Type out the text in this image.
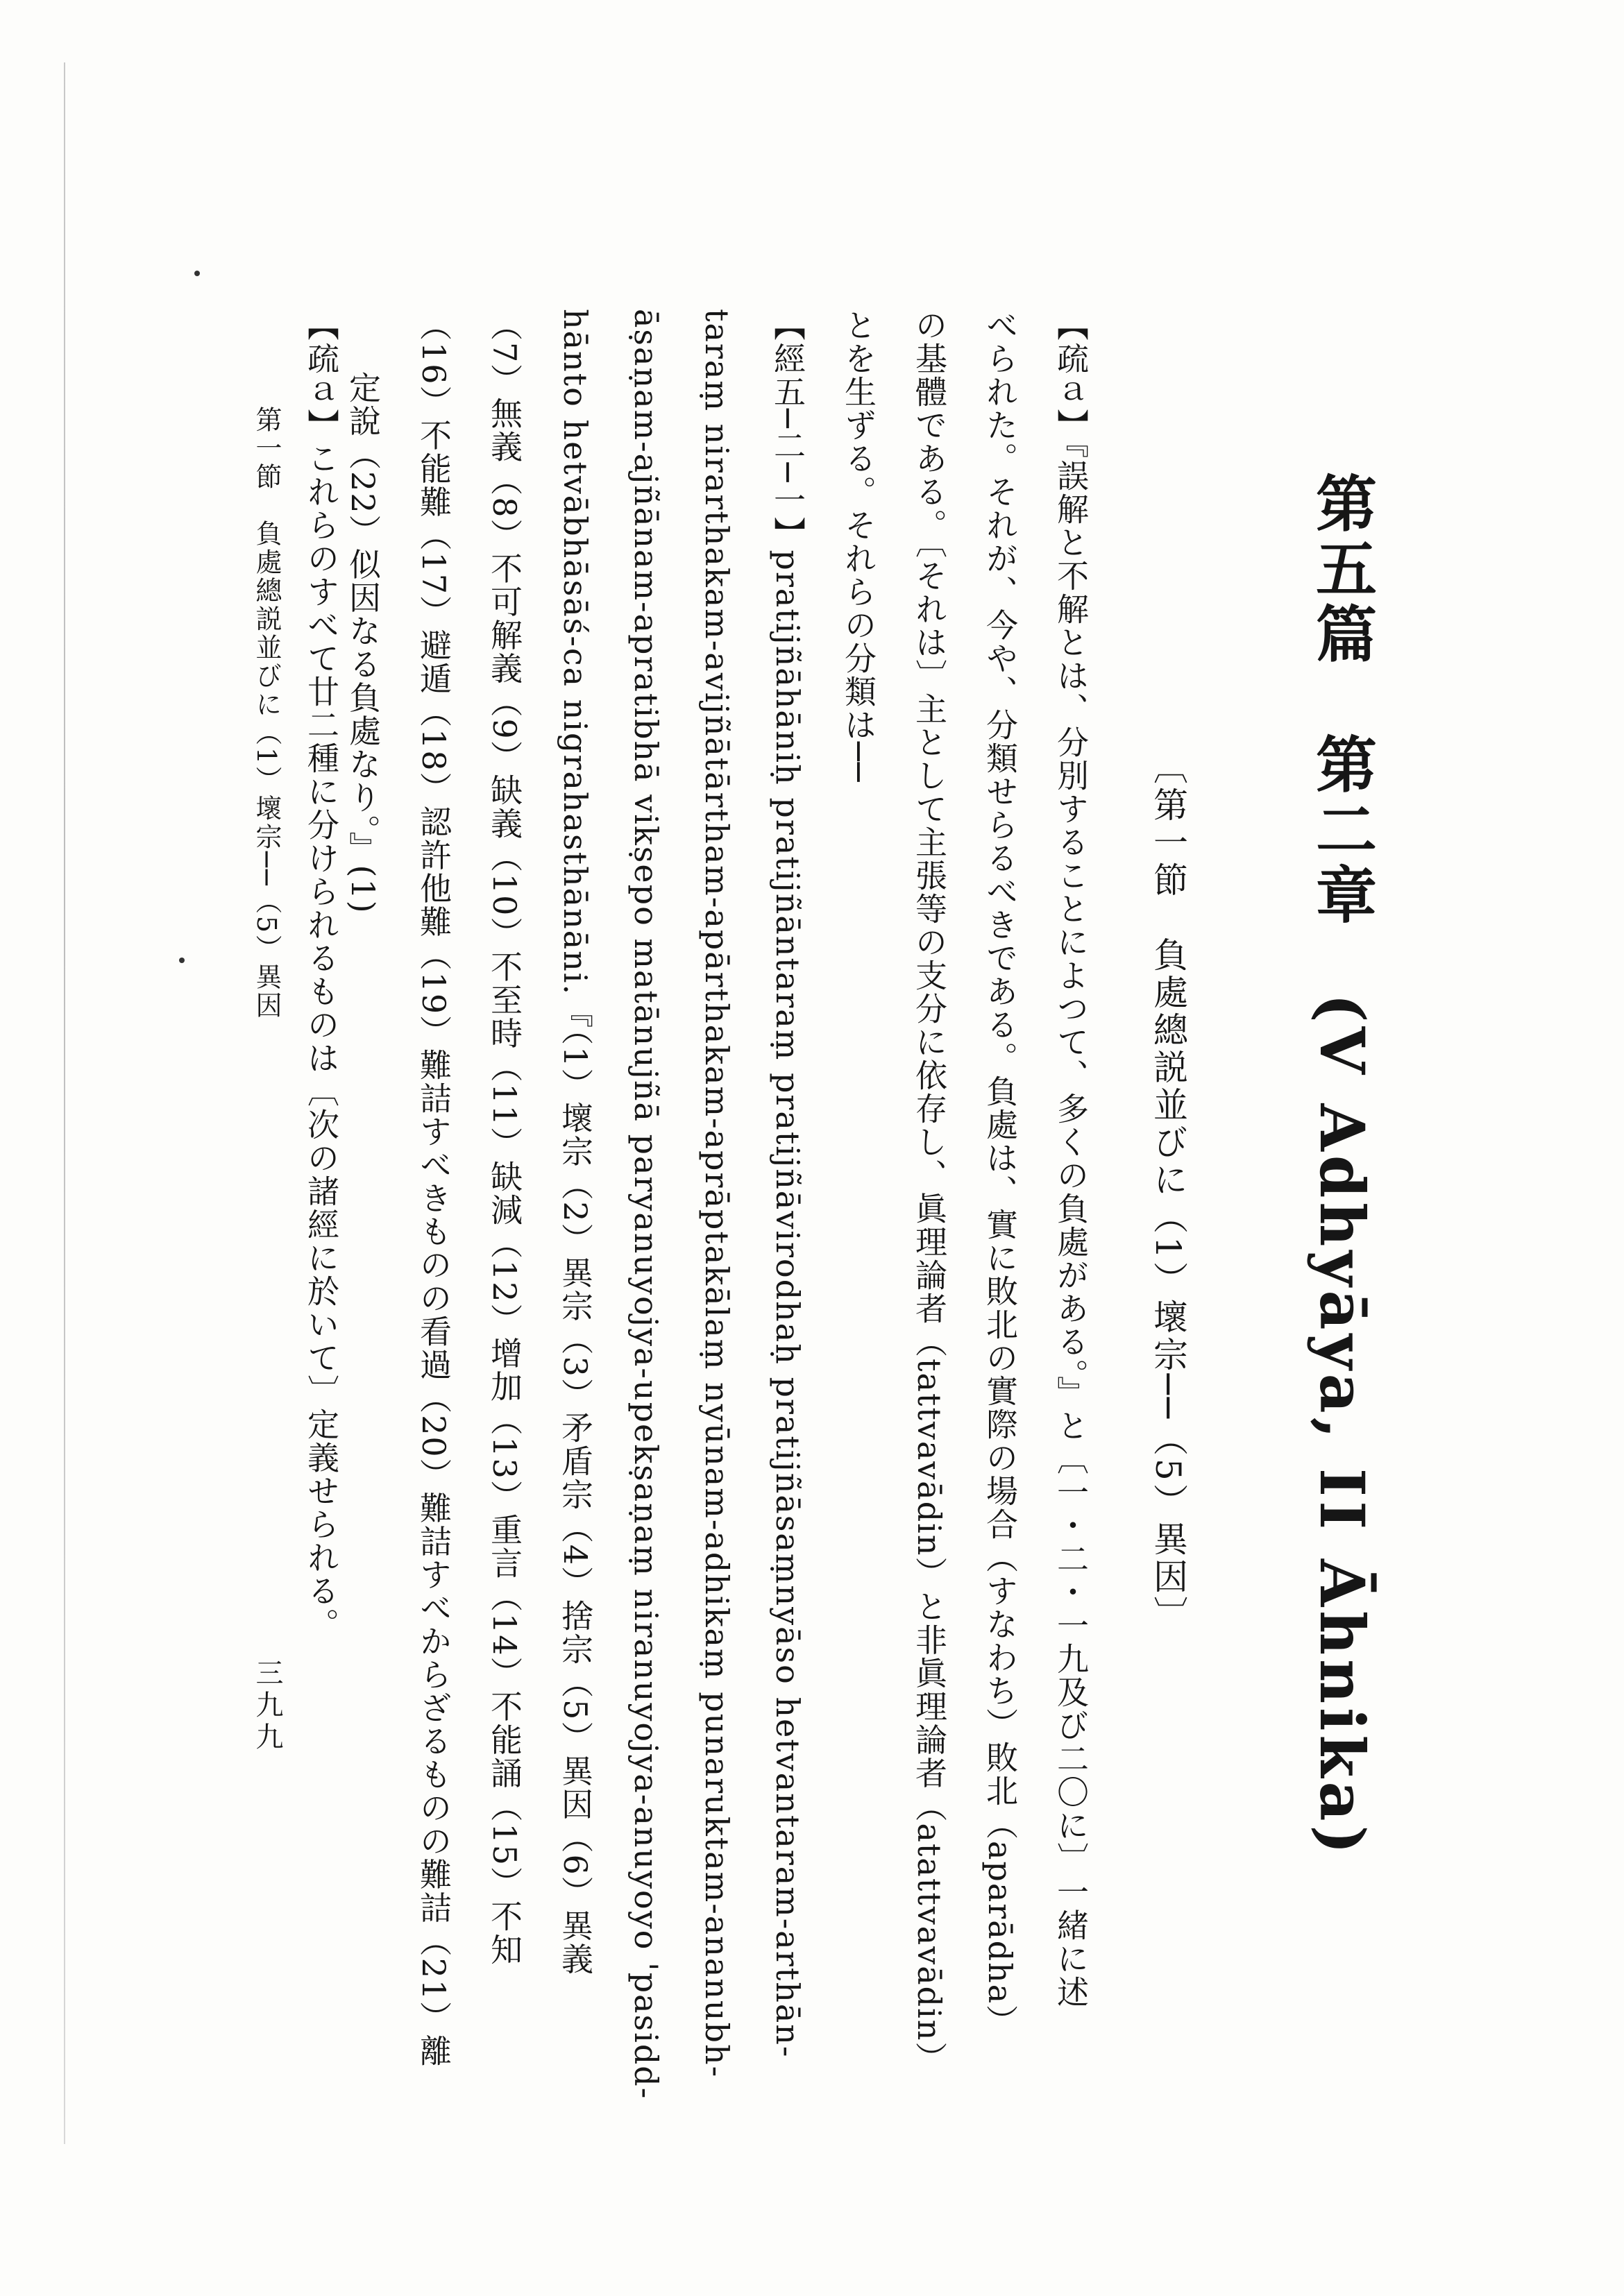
第五篇　第二章　(V Adhyāya, II Āhnika)
〔第一節　負處總説並びに（1）壞宗──（5）異因〕
【疏ａ】『誤解と不解とは、分別することによつて、多くの負處がある。』と〔一・二・一九及び二〇に〕一緒に述
べられた。それが、今や、分類せらるべきである。負處は、實に敗北の實際の場合（すなわち）敗北（aparādha）
の基體である。〔それは〕主として主張等の支分に依存し、眞理論者（tattvavādin）と非眞理論者（atattvavādin）
とを生ずる。それらの分類は──
【經五─二─一】pratijñāhāniḥ pratijñāntaraṃ pratijñāvirodhaḥ pratijñāsaṃnyāso hetvantaram-arthān-
taraṃ nirarthakam-avijñātārtham-apārthakam-aprāptakālaṃ nyūnam-adhikaṃ punaruktam-ananubh-
āṣaṇam-ajñānam-apratibhā vikṣepo matānujñā paryanuyojya-upekṣaṇaṃ niranuyojya-anuyoyo 'pasidd-
hānto hetvābhāsāś-ca nigrahasthānāni.『（1）壞宗（2）異宗（3）矛盾宗（4）捨宗（5）異因（6）異義
（7）無義（8）不可解義（9）缺義（10）不至時（11）缺減（12）增加（13）重言（14）不能誦（15）不知
（16）不能難（17）避遁（18）認許他難（19）難詰すべきものの看過（20）難詰すべからざるものの難詰（21）離
定說（22）似因なる負處なり。』(1)
【疏ａ】これらのすべて廿二種に分けられるものは〔次の諸經に於いて〕定義せられる。
第一節　負處總説並びに（1）壞宗──（5）異因
三九九
